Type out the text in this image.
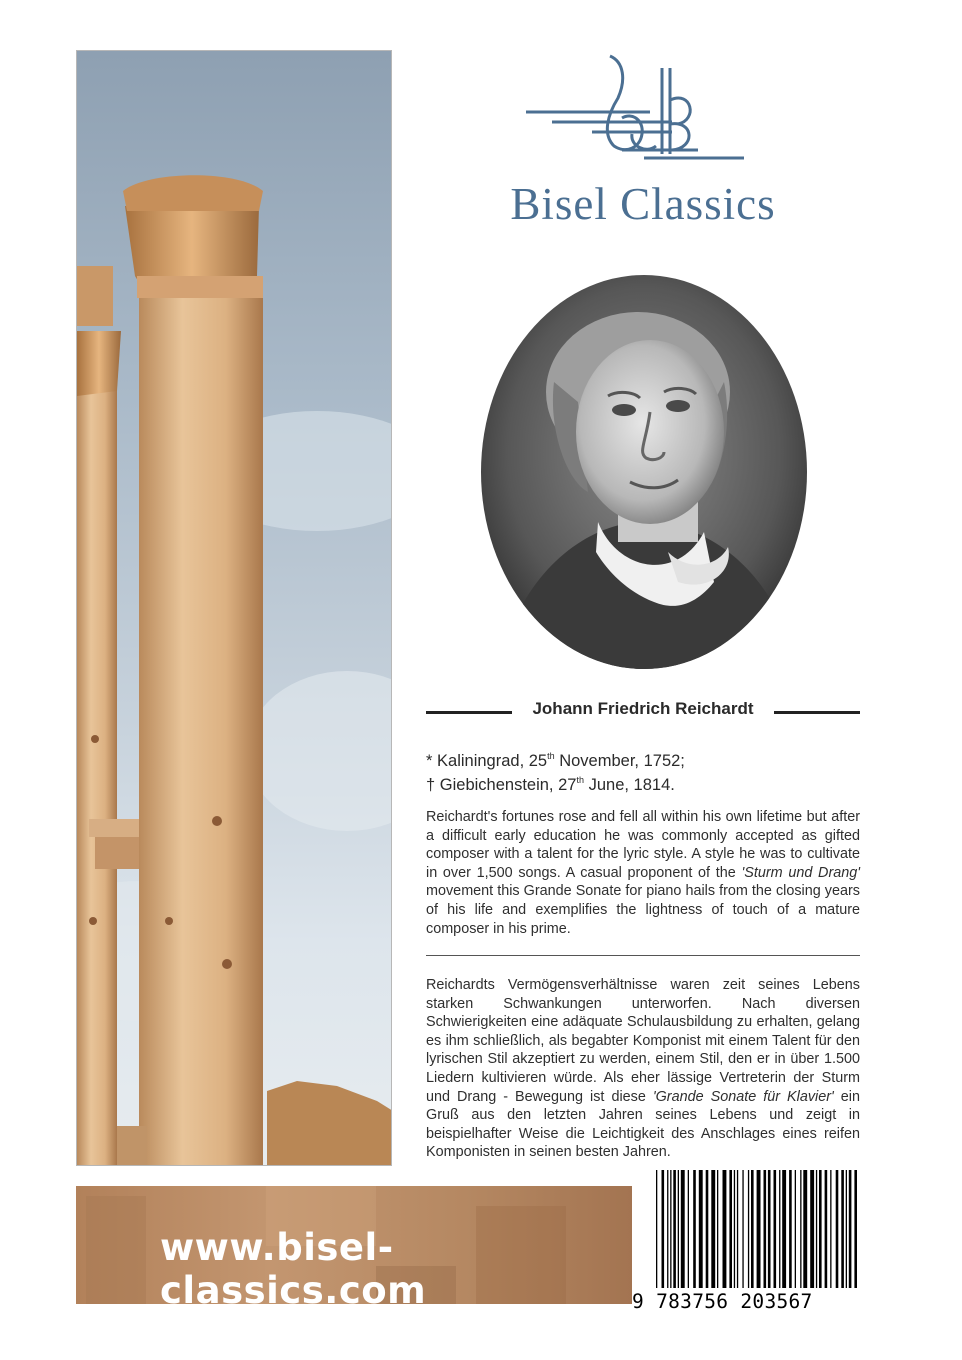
Bisel Classics
Johann Friedrich Reichardt
* Kaliningrad, 25th November, 1752;
† Giebichenstein, 27th June, 1814.
Reichardt's fortunes rose and fell all within his own lifetime but after a difficult early education he was commonly accepted as gifted composer with a talent for the lyric style. A style he was to cultivate in over 1,500 songs. A casual proponent of the 'Sturm und Drang' movement this Grande Sonate for piano hails from the closing years of his life and exemplifies the lightness of touch of a mature composer in his prime.
Reichardts Vermögensverhältnisse waren zeit seines Lebens starken Schwankungen unterworfen. Nach diversen Schwierigkeiten eine adäquate Schulausbildung zu erhalten, gelang es ihm schließlich, als begabter Komponist mit einem Talent für den lyrischen Stil akzeptiert zu werden, einem Stil, den er in über 1.500 Liedern kultivieren würde. Als eher lässige Vertreterin der Sturm und Drang - Bewegung ist diese 'Grande Sonate für Klavier' ein Gruß aus den letzten Jahren seines Lebens und zeigt in beispielhafter Weise die Leichtigkeit des Anschlages eines reifen Komponisten in seinen besten Jahren.
www.bisel-classics.com	9 783756 203567
